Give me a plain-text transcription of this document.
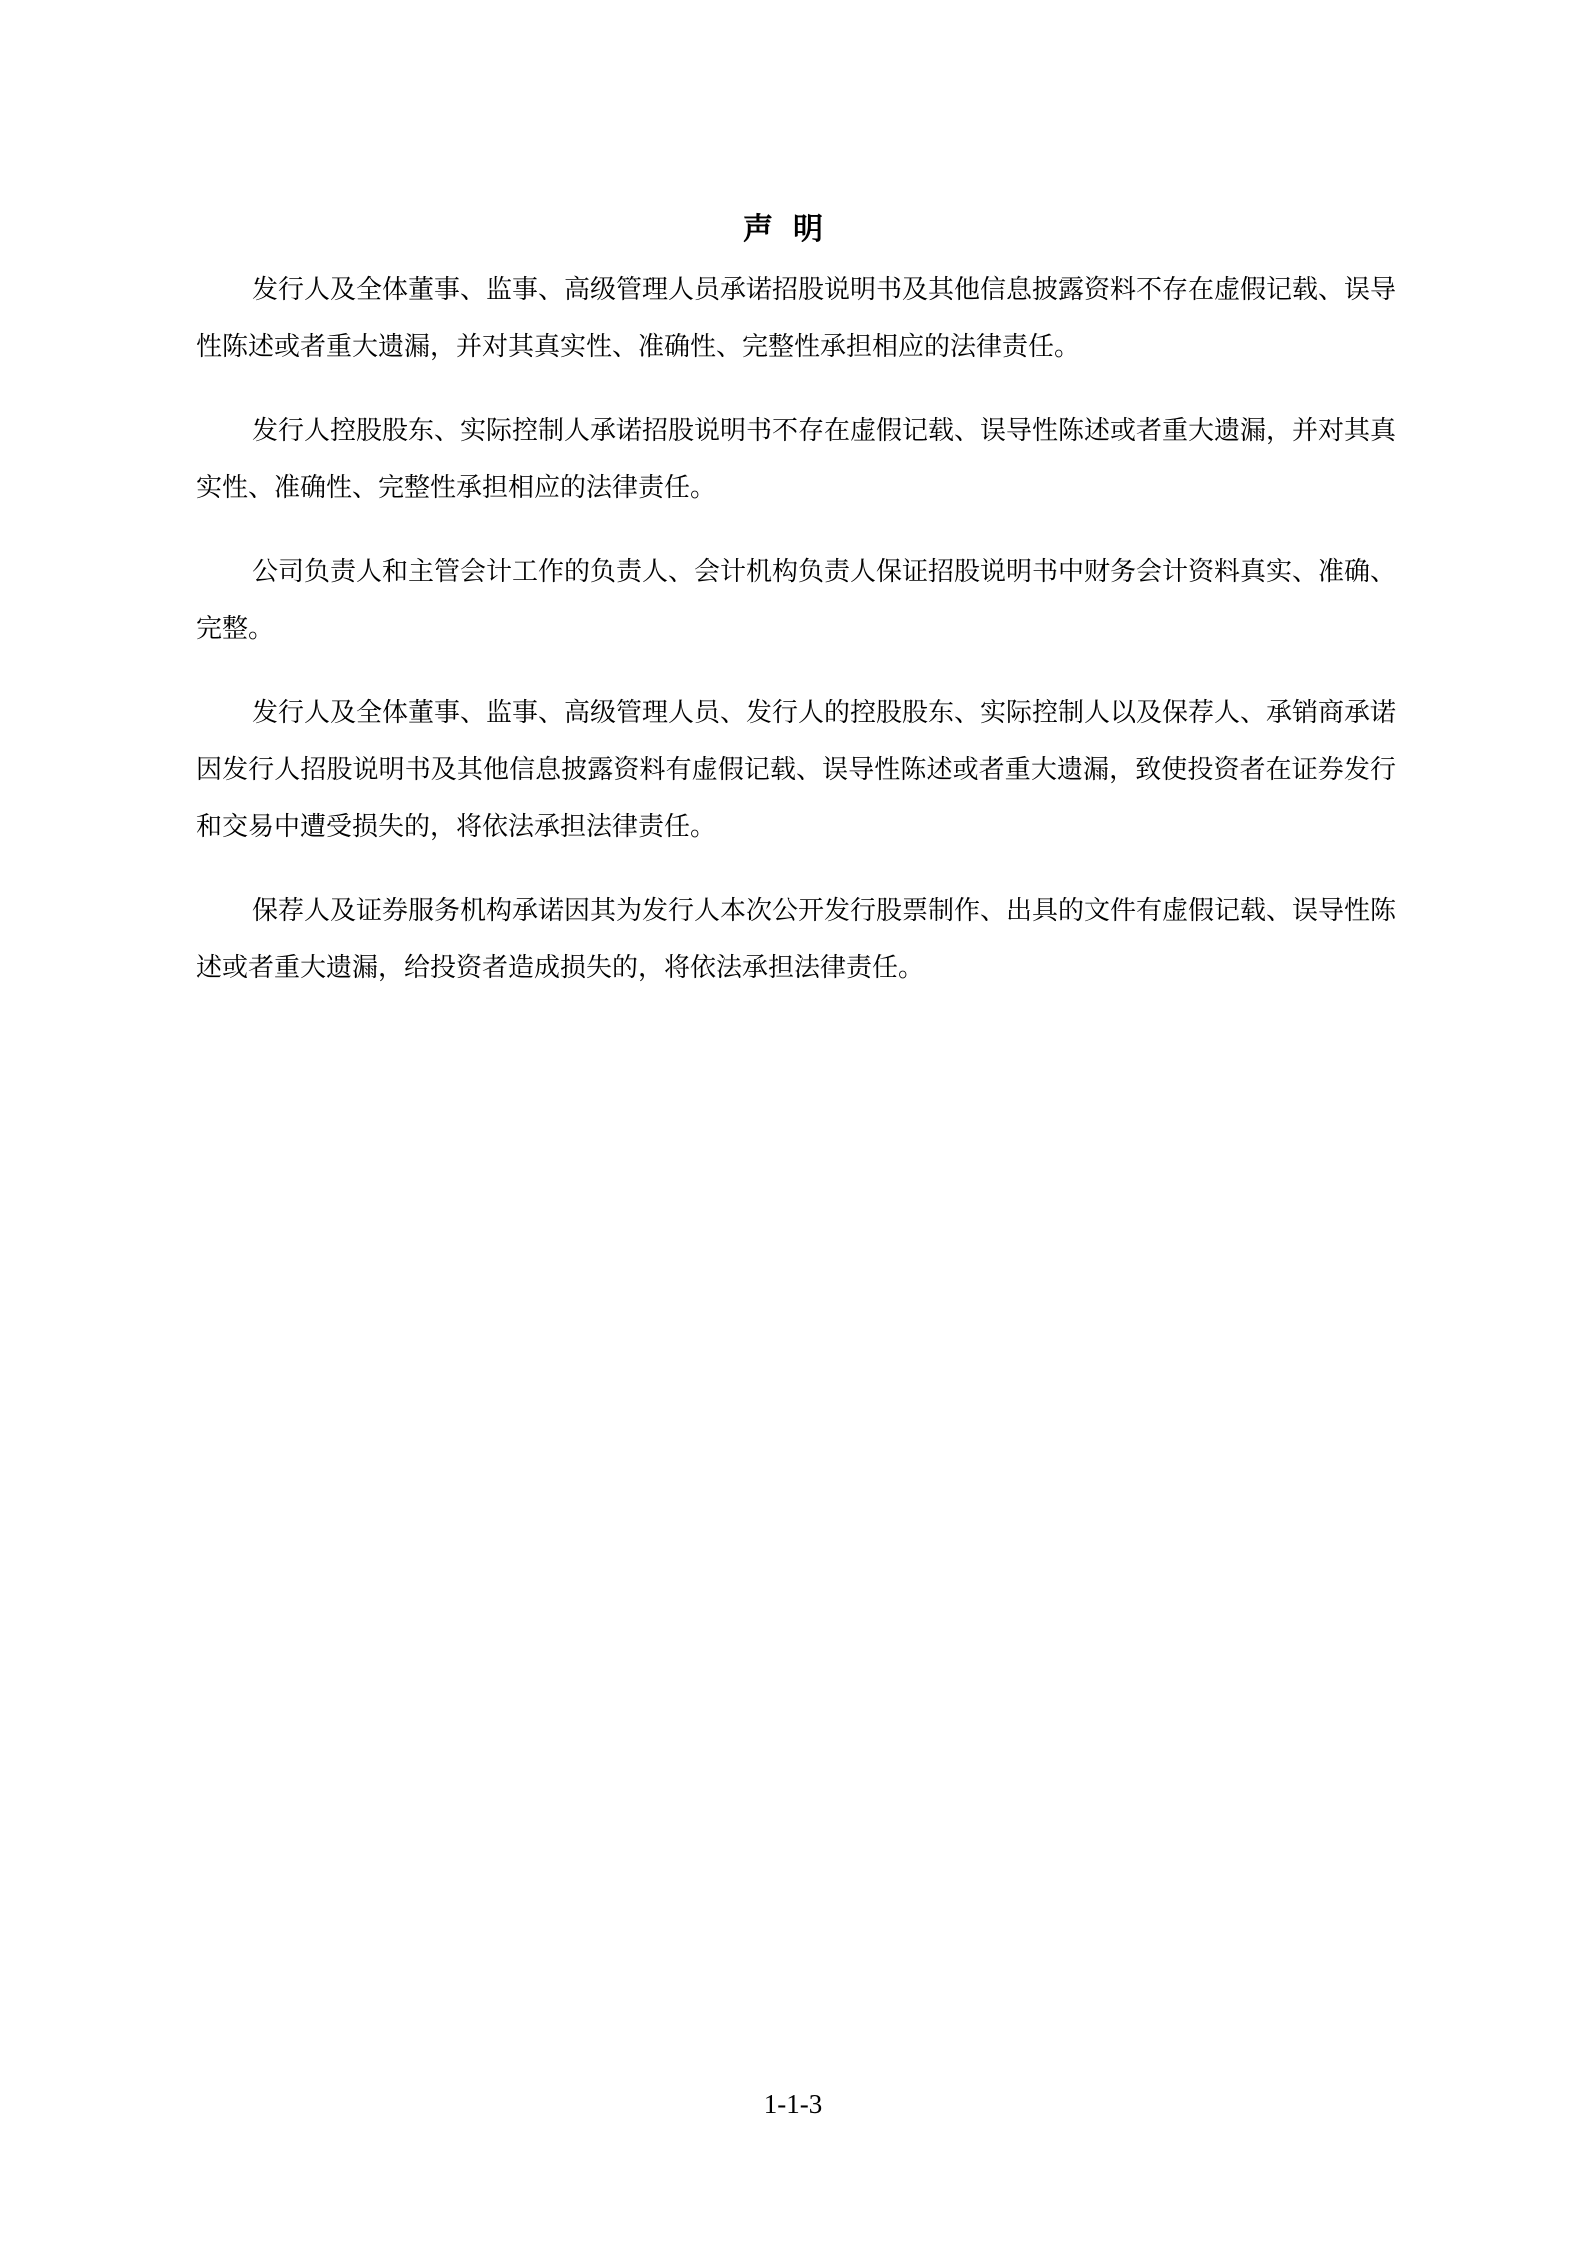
声明

发行人及全体董事、监事、高级管理人员承诺招股说明书及其他信息披露资料不存在虚假记载、误导性陈述或者重大遗漏，并对其真实性、准确性、完整性承担相应的法律责任。

发行人控股股东、实际控制人承诺招股说明书不存在虚假记载、误导性陈述或者重大遗漏，并对其真实性、准确性、完整性承担相应的法律责任。

公司负责人和主管会计工作的负责人、会计机构负责人保证招股说明书中财务会计资料真实、准确、完整。

发行人及全体董事、监事、高级管理人员、发行人的控股股东、实际控制人以及保荐人、承销商承诺因发行人招股说明书及其他信息披露资料有虚假记载、误导性陈述或者重大遗漏，致使投资者在证券发行和交易中遭受损失的，将依法承担法律责任。

保荐人及证券服务机构承诺因其为发行人本次公开发行股票制作、出具的文件有虚假记载、误导性陈述或者重大遗漏，给投资者造成损失的，将依法承担法律责任。

1-1-3
